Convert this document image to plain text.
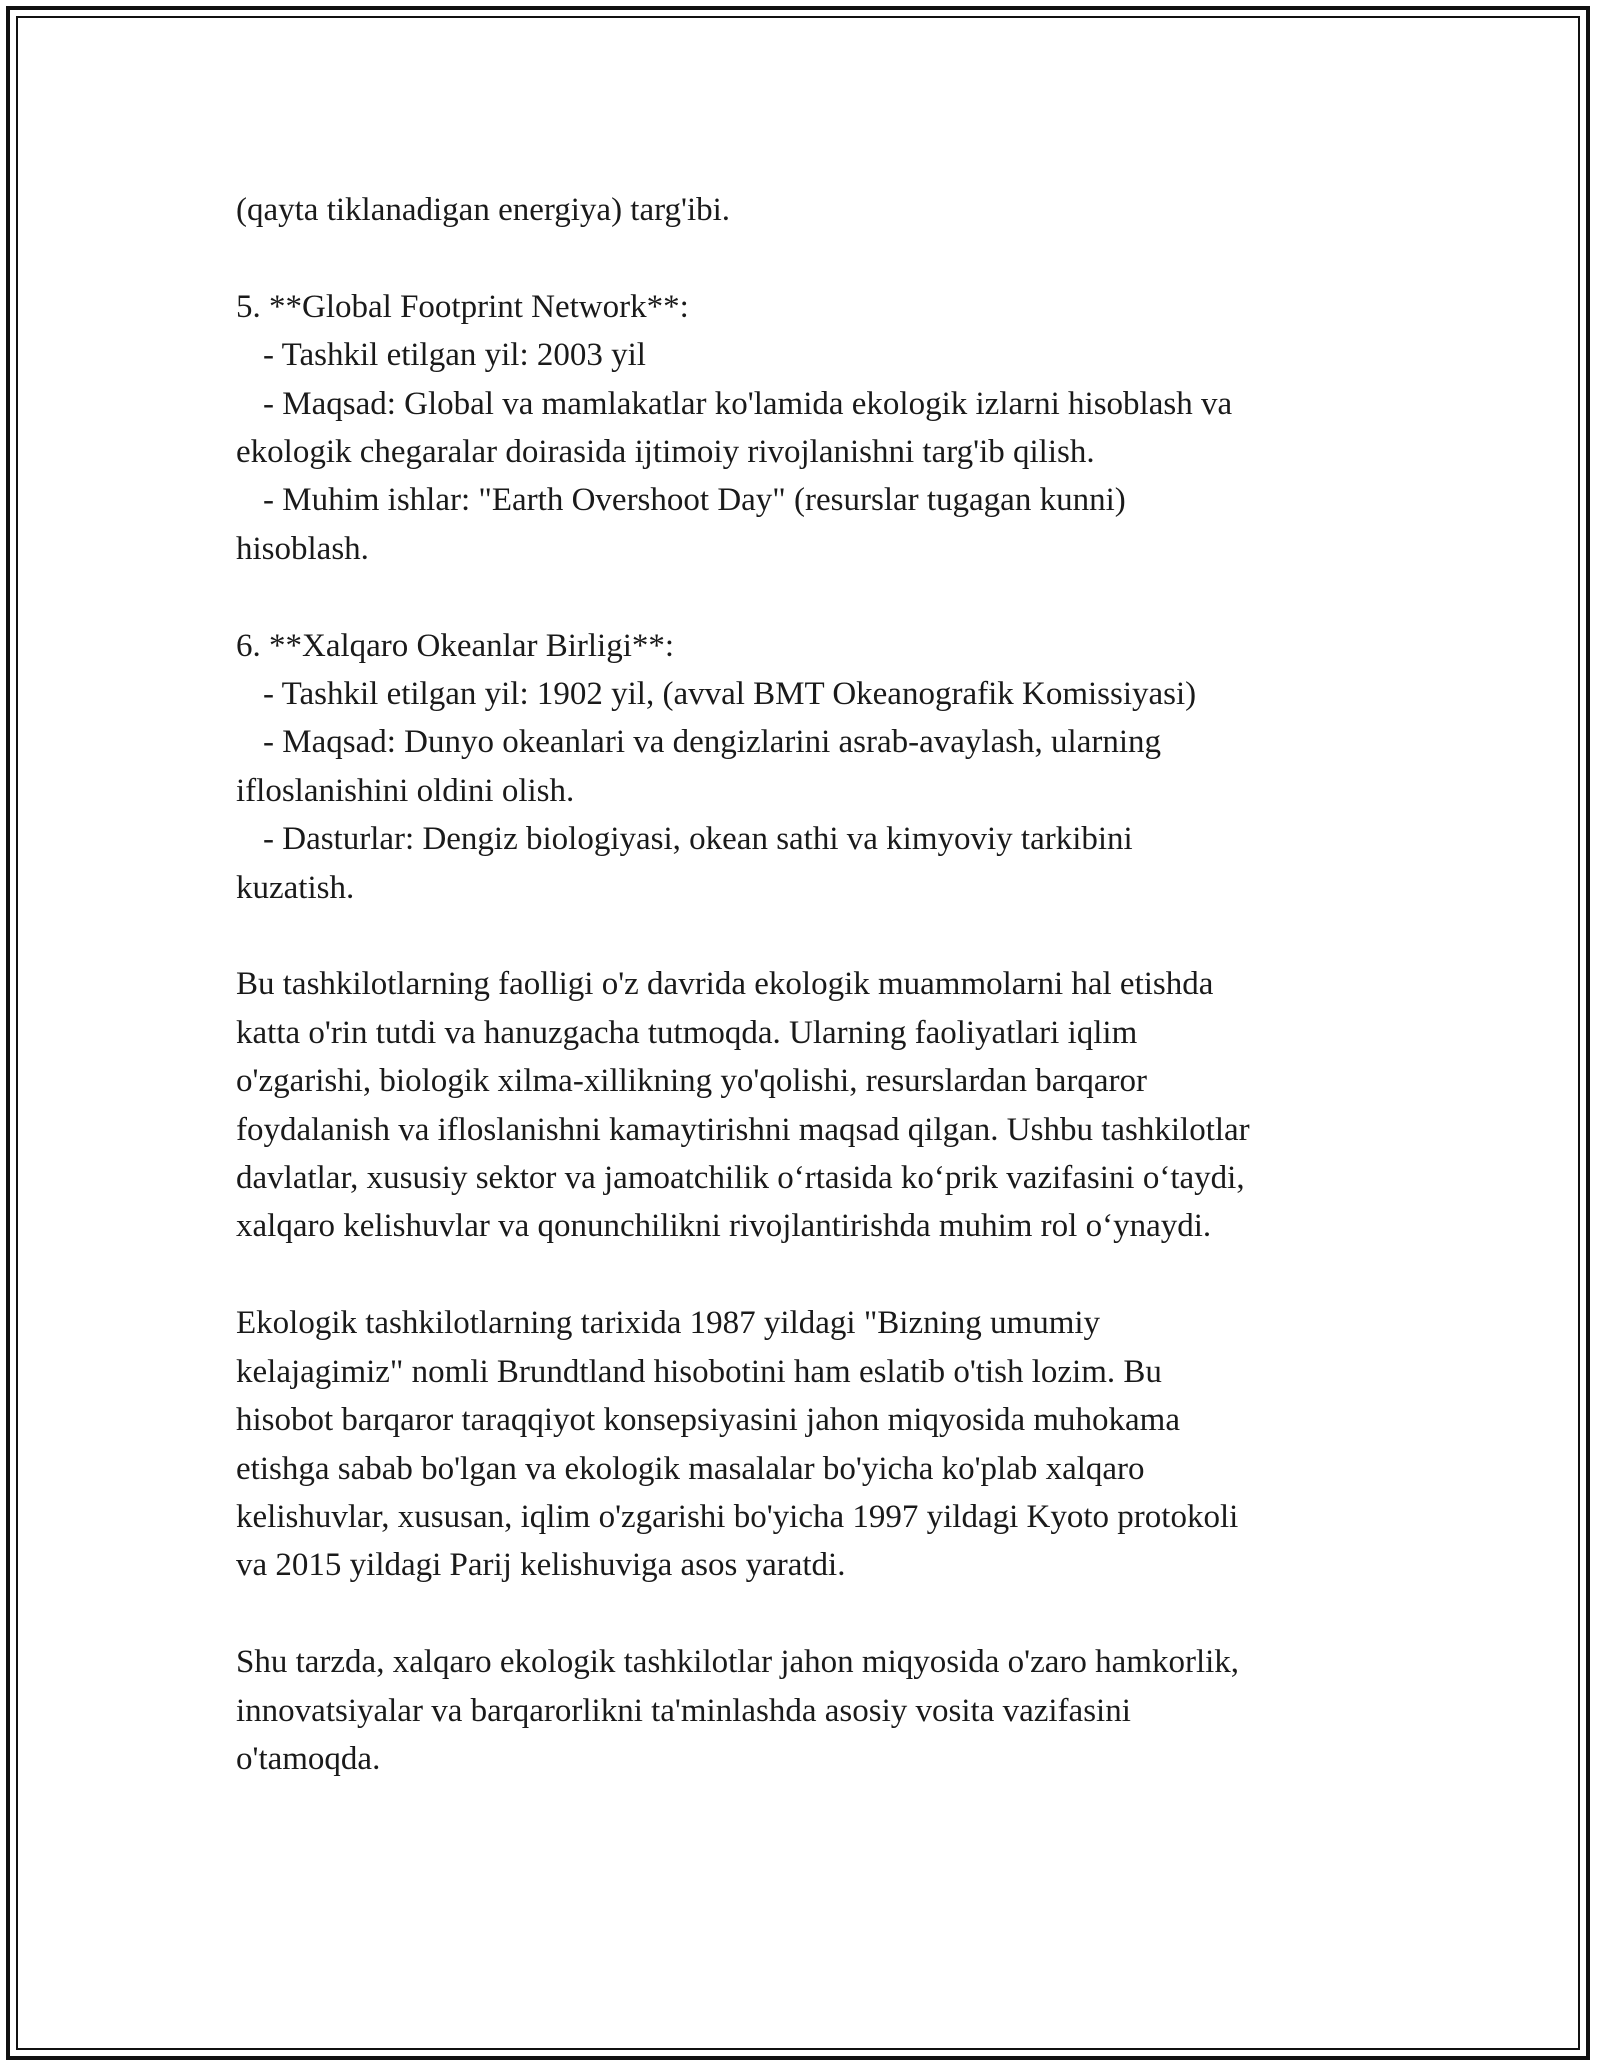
(qayta tiklanadigan energiya) targ'ibi.
5. **Global Footprint Network**:
- Tashkil etilgan yil: 2003 yil
- Maqsad: Global va mamlakatlar ko'lamida ekologik izlarni hisoblash va
ekologik chegaralar doirasida ijtimoiy rivojlanishni targ'ib qilish.
- Muhim ishlar: "Earth Overshoot Day" (resurslar tugagan kunni)
hisoblash.
6. **Xalqaro Okeanlar Birligi**:
- Tashkil etilgan yil: 1902 yil, (avval BMT Okeanografik Komissiyasi)
- Maqsad: Dunyo okeanlari va dengizlarini asrab-avaylash, ularning
ifloslanishini oldini olish.
- Dasturlar: Dengiz biologiyasi, okean sathi va kimyoviy tarkibini
kuzatish.
Bu tashkilotlarning faolligi o'z davrida ekologik muammolarni hal etishda
katta o'rin tutdi va hanuzgacha tutmoqda. Ularning faoliyatlari iqlim
o'zgarishi, biologik xilma-xillikning yo'qolishi, resurslardan barqaror
foydalanish va ifloslanishni kamaytirishni maqsad qilgan. Ushbu tashkilotlar
davlatlar, xususiy sektor va jamoatchilik o‘rtasida ko‘prik vazifasini o‘taydi,
xalqaro kelishuvlar va qonunchilikni rivojlantirishda muhim rol o‘ynaydi.
Ekologik tashkilotlarning tarixida 1987 yildagi "Bizning umumiy
kelajagimiz" nomli Brundtland hisobotini ham eslatib o'tish lozim. Bu
hisobot barqaror taraqqiyot konsepsiyasini jahon miqyosida muhokama
etishga sabab bo'lgan va ekologik masalalar bo'yicha ko'plab xalqaro
kelishuvlar, xususan, iqlim o'zgarishi bo'yicha 1997 yildagi Kyoto protokoli
va 2015 yildagi Parij kelishuviga asos yaratdi.
Shu tarzda, xalqaro ekologik tashkilotlar jahon miqyosida o'zaro hamkorlik,
innovatsiyalar va barqarorlikni ta'minlashda asosiy vosita vazifasini
o'tamoqda.
